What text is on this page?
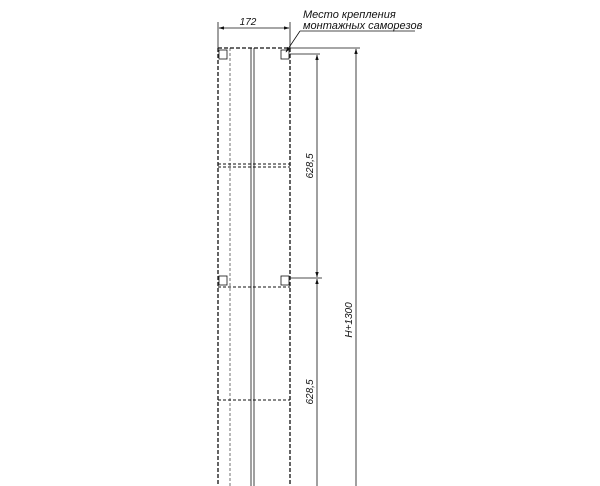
172
628,5
628,5
H+1300
Место крепления
монтажных саморезов
